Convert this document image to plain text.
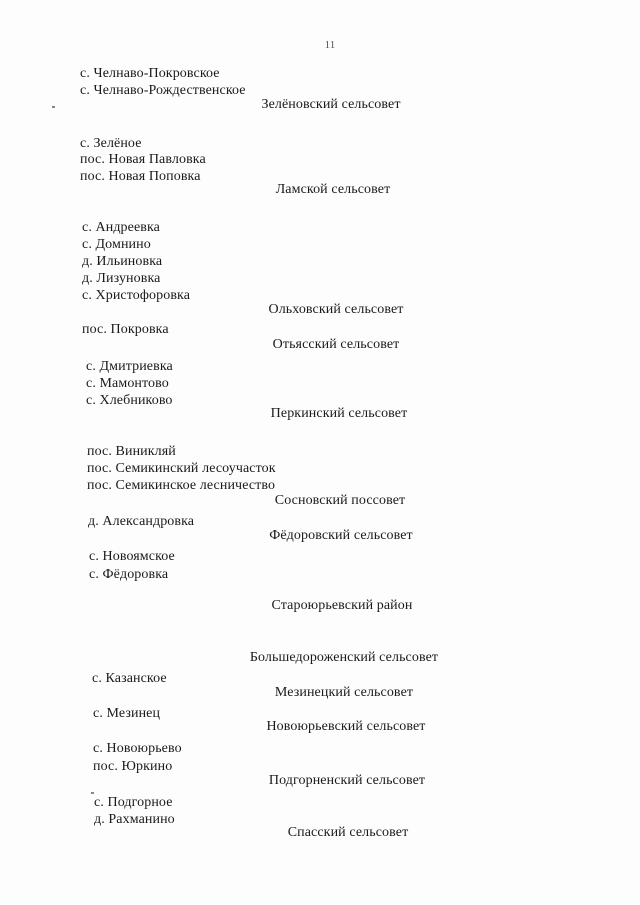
11
с. Челнаво-Покровское
с. Челнаво-Рождественское
Зелёновский сельсовет
с. Зелёное
пос. Новая Павловка
пос. Новая Поповка
Ламской сельсовет
с. Андреевка
с. Домнино
д. Ильиновка
д. Лизуновка
с. Христофоровка
Ольховский сельсовет
пос. Покровка
Отьясский сельсовет
с. Дмитриевка
с. Мамонтово
с. Хлебниково
Перкинский сельсовет
пос. Виникляй
пос. Семикинский лесоучасток
пос. Семикинское лесничество
Сосновский поссовет
д. Александровка
Фёдоровский сельсовет
с. Новоямское
с. Фёдоровка
Староюрьевский район
Большедороженский сельсовет
с. Казанское
Мезинецкий сельсовет
с. Мезинец
Новоюрьевский сельсовет
с. Новоюрьево
пос. Юркино
Подгорненский сельсовет
с. Подгорное
д. Рахманино
Спасский сельсовет
